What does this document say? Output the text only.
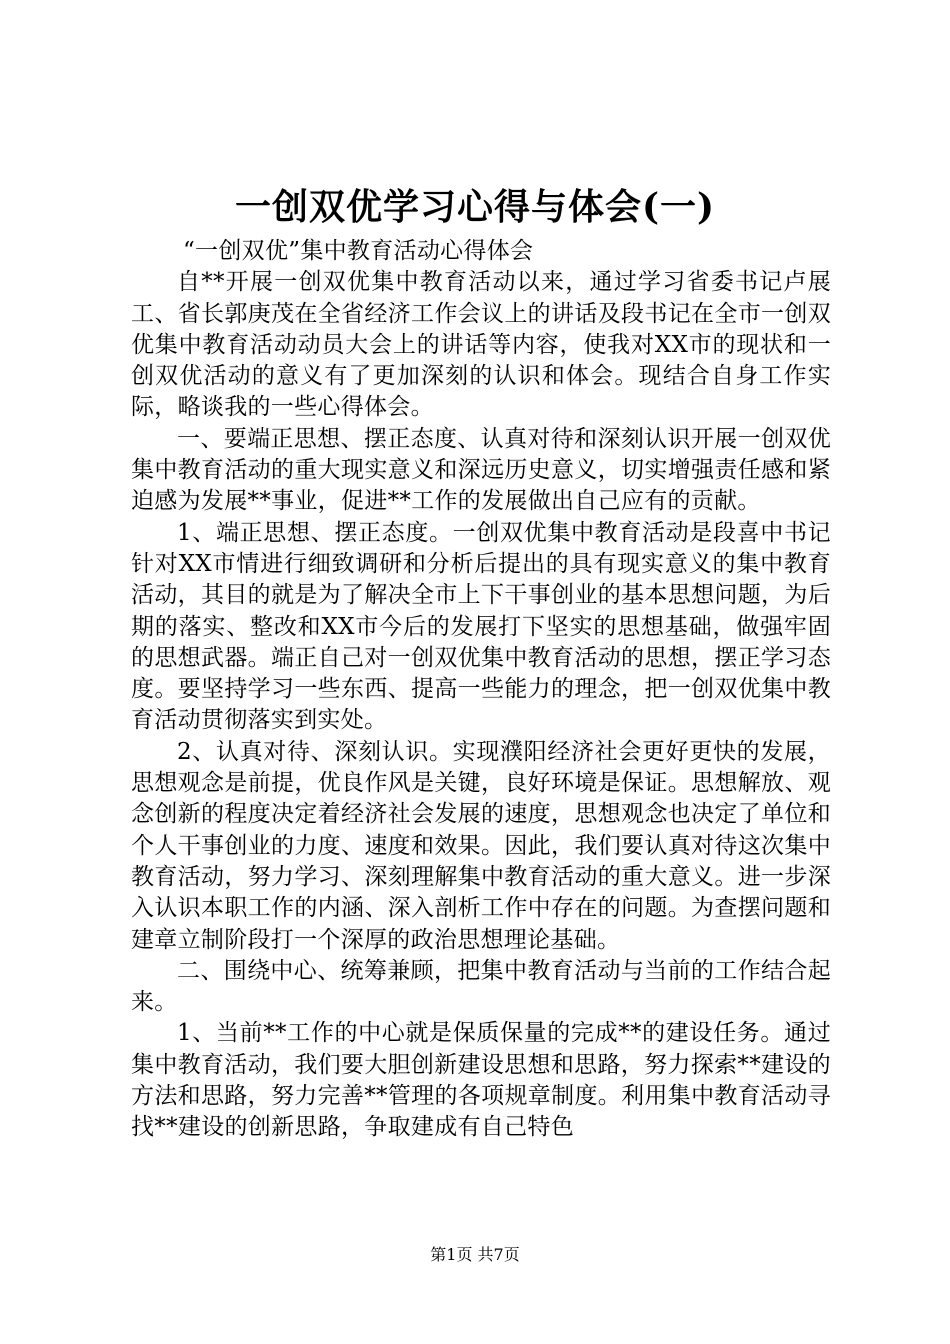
一创双优学习心得与体会(一)

“一创双优”集中教育活动心得体会

自**开展一创双优集中教育活动以来，通过学习省委书记卢展工、省长郭庚茂在全省经济工作会议上的讲话及段书记在全市一创双优集中教育活动动员大会上的讲话等内容，使我对XX市的现状和一创双优活动的意义有了更加深刻的认识和体会。现结合自身工作实际，略谈我的一些心得体会。

一、要端正思想、摆正态度、认真对待和深刻认识开展一创双优集中教育活动的重大现实意义和深远历史意义，切实增强责任感和紧迫感为发展**事业，促进**工作的发展做出自己应有的贡献。

1、端正思想、摆正态度。一创双优集中教育活动是段喜中书记针对XX市情进行细致调研和分析后提出的具有现实意义的集中教育活动，其目的就是为了解决全市上下干事创业的基本思想问题，为后期的落实、整改和XX市今后的发展打下坚实的思想基础，做强牢固的思想武器。端正自己对一创双优集中教育活动的思想，摆正学习态度。要坚持学习一些东西、提高一些能力的理念，把一创双优集中教育活动贯彻落实到实处。

2、认真对待、深刻认识。实现濮阳经济社会更好更快的发展，思想观念是前提，优良作风是关键，良好环境是保证。思想解放、观念创新的程度决定着经济社会发展的速度，思想观念也决定了单位和个人干事创业的力度、速度和效果。因此，我们要认真对待这次集中教育活动，努力学习、深刻理解集中教育活动的重大意义。进一步深入认识本职工作的内涵、深入剖析工作中存在的问题。为查摆问题和建章立制阶段打一个深厚的政治思想理论基础。

二、围绕中心、统筹兼顾，把集中教育活动与当前的工作结合起来。

1、当前**工作的中心就是保质保量的完成**的建设任务。通过集中教育活动，我们要大胆创新建设思想和思路，努力探索**建设的方法和思路，努力完善**管理的各项规章制度。利用集中教育活动寻找**建设的创新思路，争取建成有自己特色

第1页 共7页
